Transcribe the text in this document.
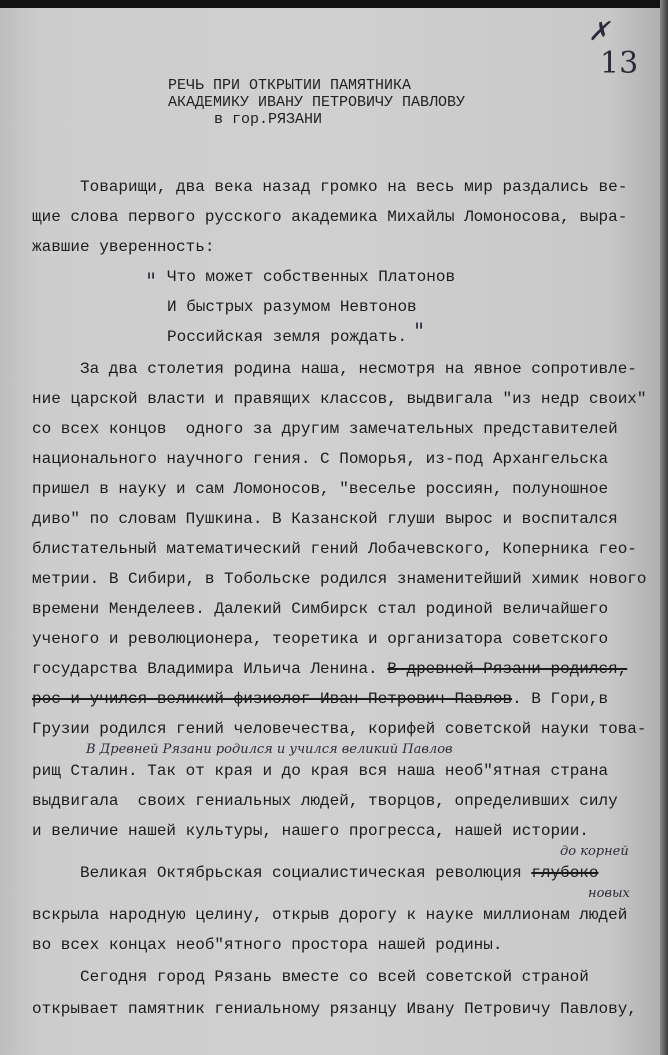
✗
13
РЕЧЬ ПРИ ОТКРЫТИИ ПАМЯТНИКА
АКАДЕМИКУ ИВАНУ ПЕТРОВИЧУ ПАВЛОВУ
в гор.РЯЗАНИ
Товарищи, два века назад громко на весь мир раздались ве-
щие слова первого русского академика Михайлы Ломоносова, выра-
жавшие уверенность:
" Что может собственных Платонов
И быстрых разумом Невтонов
Российская земля рождать. "
За два столетия родина наша, несмотря на явное сопротивле-
ние царской власти и правящих классов, выдвигала "из недр своих"
со всех концов  одного за другим замечательных представителей
национального научного гения. С Поморья, из-под Архангельска
пришел в науку и сам Ломоносов, "веселье россиян, полуношное
диво" по словам Пушкина. В Казанской глуши вырос и воспитался
блистательный математический гений Лобачевского, Коперника гео-
метрии. В Сибири, в Тобольске родился знаменитейший химик нового
времени Менделеев. Далекий Симбирск стал родиной величайшего
ученого и революционера, теоретика и организатора советского
государства Владимира Ильича Ленина. В древней Рязани родился,
рос и учился великий физиолог Иван Петрович Павлов. В Гори,в
Грузии родился гений человечества, корифей советской науки това-
В Древней Рязани родился и учился великий Павлов
рищ Сталин. Так от края и до края вся наша необ"ятная страна
выдвигала  своих гениальных людей, творцов, определивших силу
и величие нашей культуры, нашего прогресса, нашей истории.
до корней
Великая Октябрьская социалистическая революция глубоко
новых
вскрыла народную целину, открыв дорогу к науке миллионам людей
во всех концах необ"ятного простора нашей родины.
Сегодня город Рязань вместе со всей советской страной
открывает памятник гениальному рязанцу Ивану Петровичу Павлову,
